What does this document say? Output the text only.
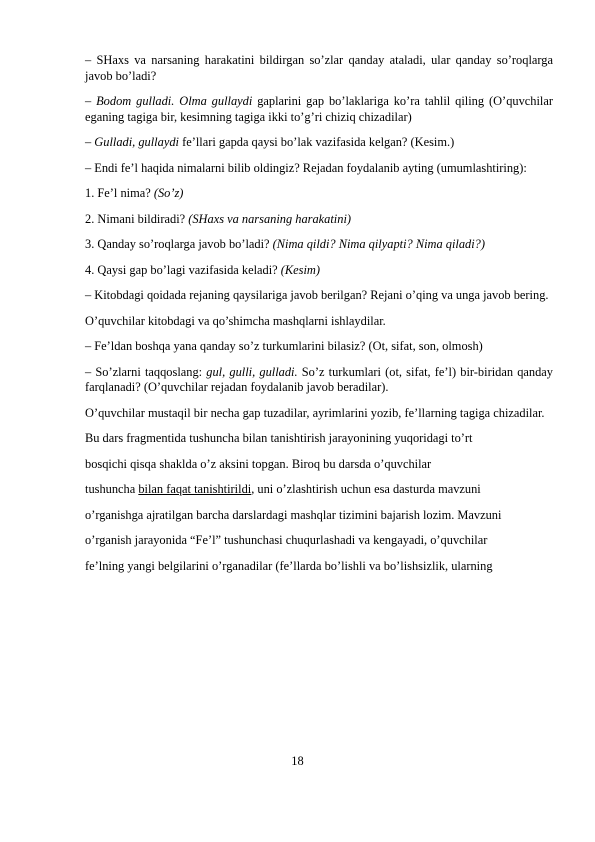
– SHaxs va narsaning harakatini bildirgan so’zlar qanday ataladi, ular qanday so’roqlarga javob bo’ladi?

– Bodom gulladi. Olma gullaydi gaplarini gap bo’laklariga ko’ra tahlil qiling (O’quvchilar eganing tagiga bir, kesimning tagiga ikki to’g’ri chiziq chizadilar)

– Gulladi, gullaydi fe’llari gapda qaysi bo’lak vazifasida kelgan? (Kesim.)

– Endi fe’l haqida nimalarni bilib oldingiz? Rejadan foydalanib ayting (umumlashtiring):

1. Fe’l nima? (So’z)

2. Nimani bildiradi? (SHaxs va narsaning harakatini)

3. Qanday so’roqlarga javob bo’ladi? (Nima qildi? Nima qilyapti? Nima qiladi?)

4. Qaysi gap bo’lagi vazifasida keladi? (Kesim)

– Kitobdagi qoidada rejaning qaysilariga javob berilgan? Rejani o’qing va unga javob bering.

O’quvchilar kitobdagi va qo’shimcha mashqlarni ishlaydilar.

– Fe’ldan boshqa yana qanday so’z turkumlarini bilasiz? (Ot, sifat, son, olmosh)

– So’zlarni taqqoslang: gul, gulli, gulladi. So’z turkumlari (ot, sifat, fe’l) bir-biridan qanday farqlanadi? (O’quvchilar rejadan foydalanib javob beradilar).

O’quvchilar mustaqil bir necha gap tuzadilar, ayrimlarini yozib, fe’llarning tagiga chizadilar.

Bu dars fragmentida tushuncha bilan tanishtirish jarayonining yuqoridagi to’rt

bosqichi qisqa shaklda o’z aksini topgan. Biroq bu darsda o’quvchilar

tushuncha bilan faqat tanishtirildi, uni o’zlashtirish uchun esa dasturda mavzuni

o’rganishga ajratilgan barcha darslardagi mashqlar tizimini bajarish lozim. Mavzuni

o’rganish jarayonida “Fe’l” tushunchasi chuqurlashadi va kengayadi, o’quvchilar

fe’lning yangi belgilarini o’rganadilar (fe’llarda bo’lishli va bo’lishsizlik, ularning

18
